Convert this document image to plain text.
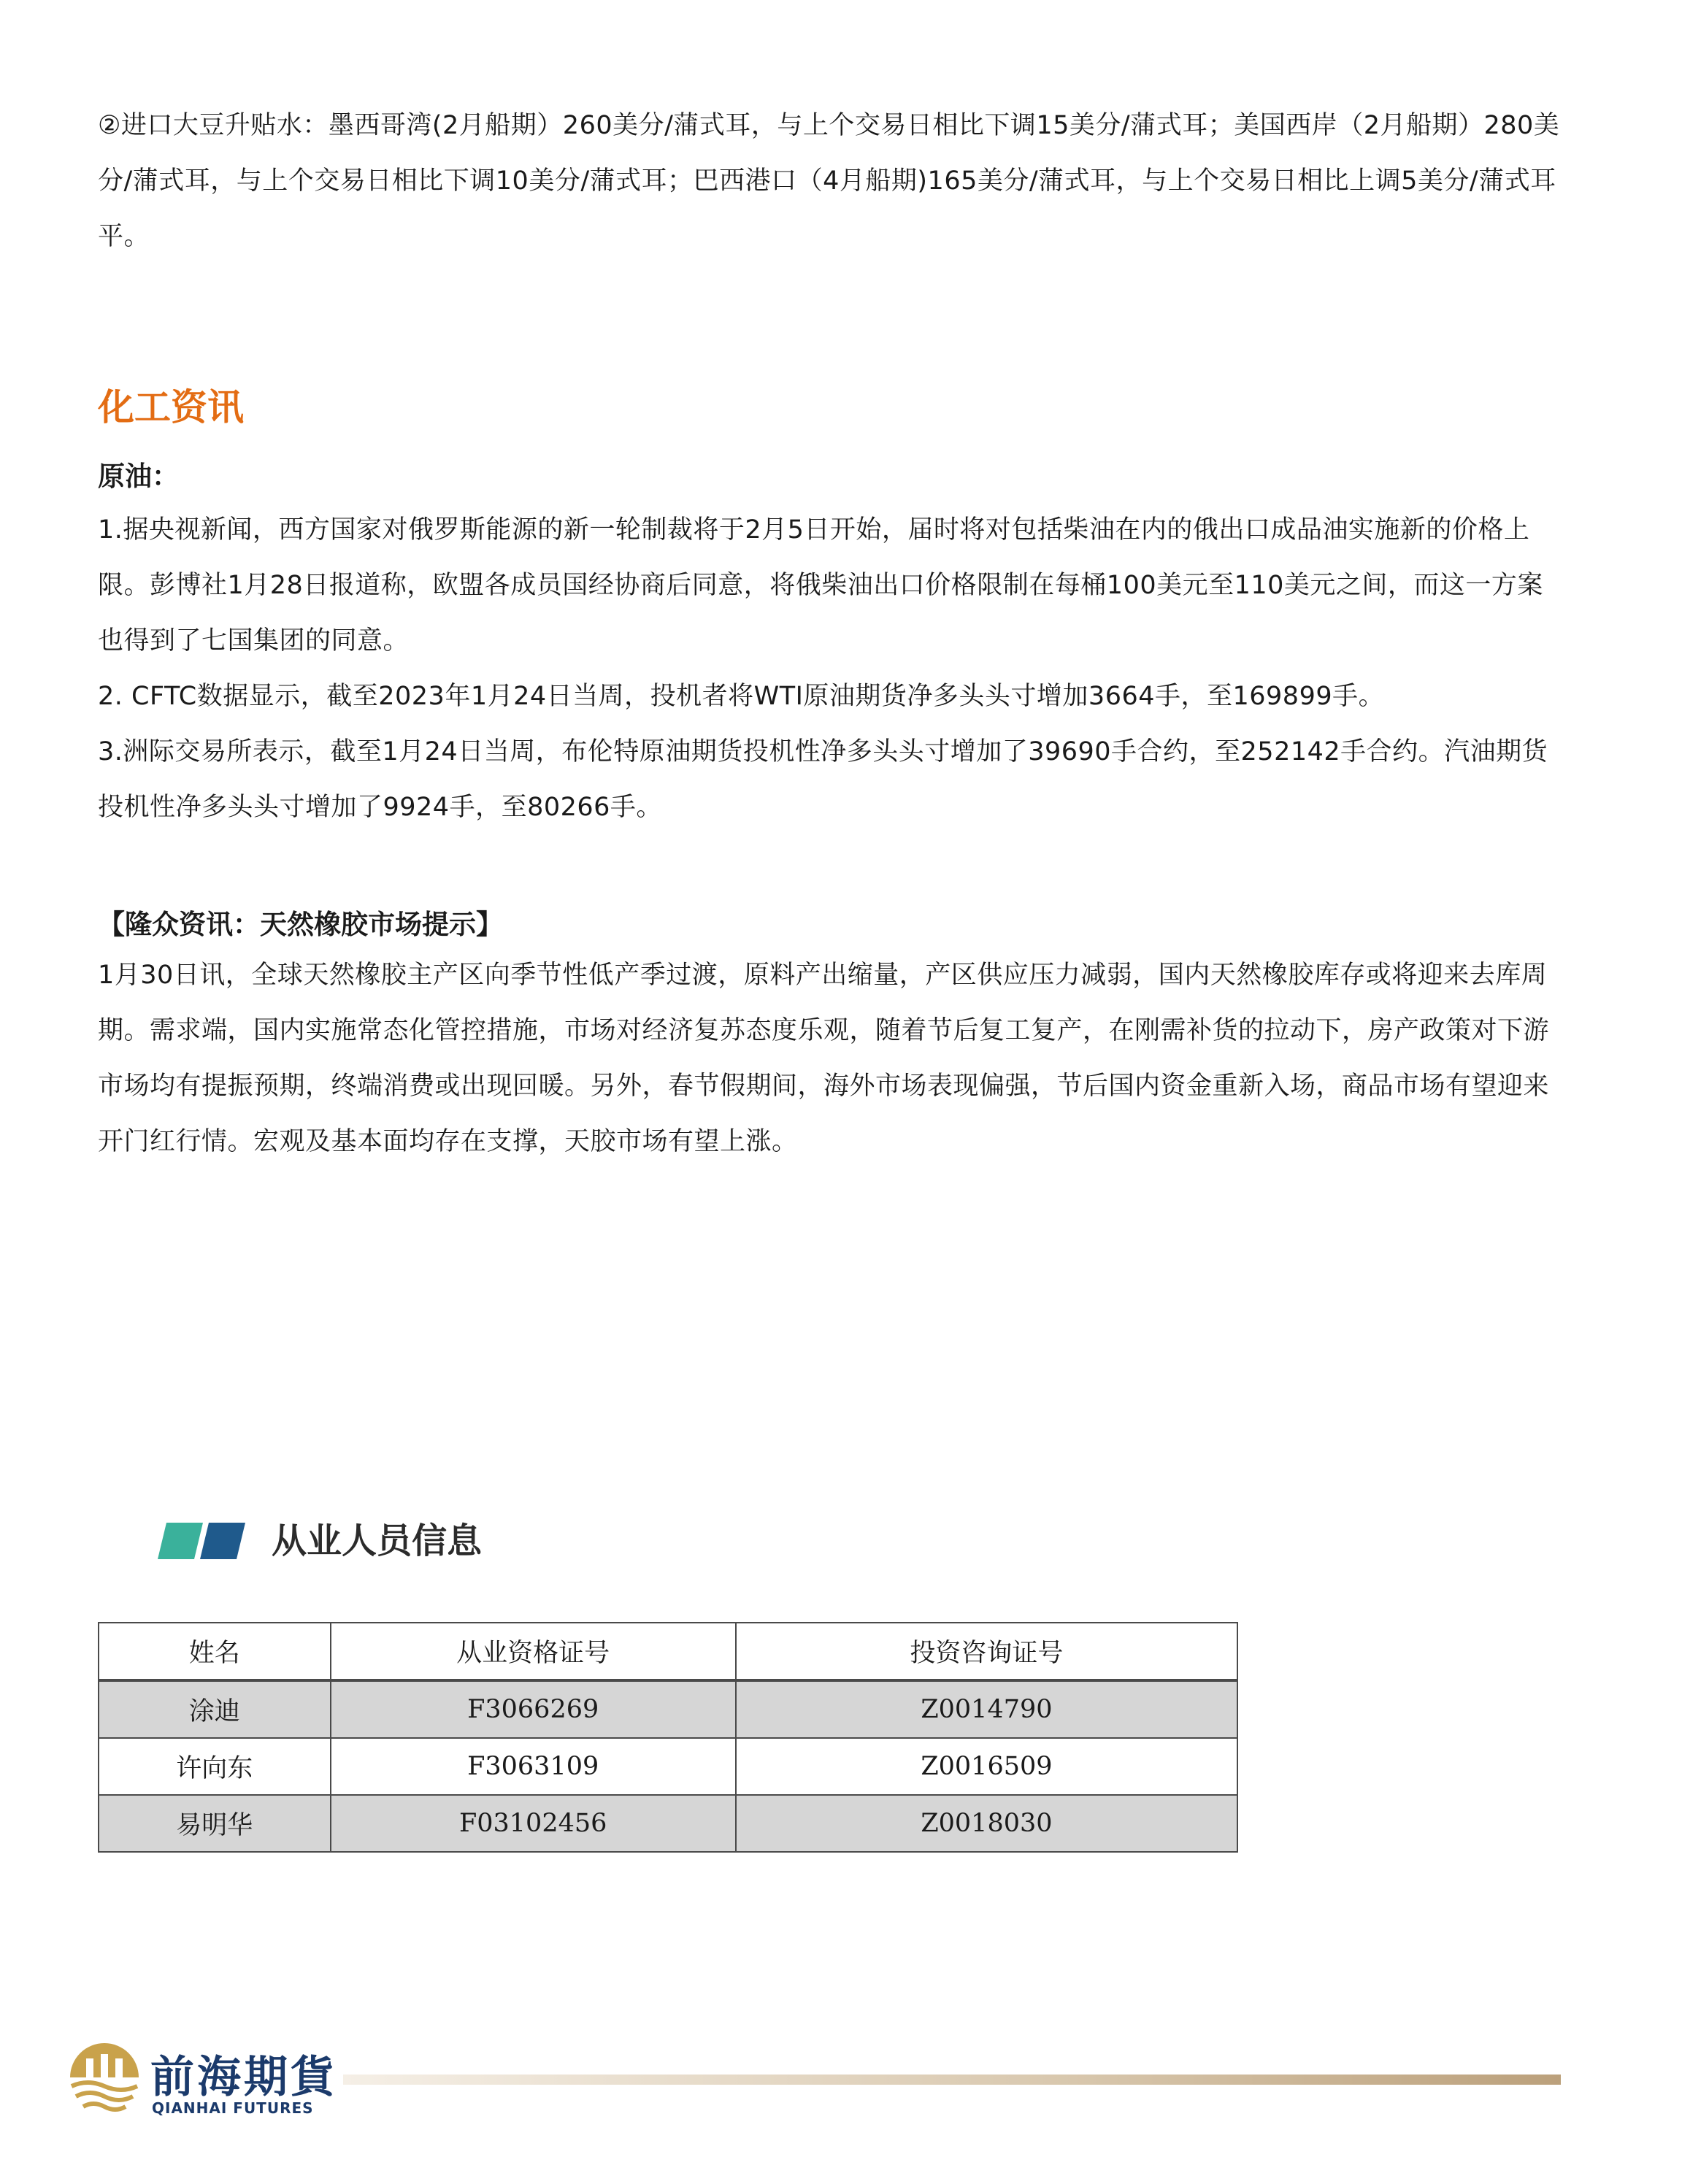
②进口大豆升贴水：墨西哥湾(2月船期）260美分/蒲式耳，与上个交易日相比下调15美分/蒲式耳；美国西岸（2月船期）280美分/蒲式耳，与上个交易日相比下调10美分/蒲式耳；巴西港口（4月船期)165美分/蒲式耳，与上个交易日相比上调5美分/蒲式耳平。

化工资讯
原油：

1.据央视新闻，西方国家对俄罗斯能源的新一轮制裁将于2月5日开始，届时将对包括柴油在内的俄出口成品油实施新的价格上限。彭博社1月28日报道称，欧盟各成员国经协商后同意，将俄柴油出口价格限制在每桶100美元至110美元之间，而这一方案也得到了七国集团的同意。

2. CFTC数据显示，截至2023年1月24日当周，投机者将WTI原油期货净多头头寸增加3664手，至169899手。

3.洲际交易所表示，截至1月24日当周，布伦特原油期货投机性净多头头寸增加了39690手合约，至252142手合约。汽油期货投机性净多头头寸增加了9924手，至80266手。

【隆众资讯：天然橡胶市场提示】

1月30日讯，全球天然橡胶主产区向季节性低产季过渡，原料产出缩量，产区供应压力减弱，国内天然橡胶库存或将迎来去库周期。需求端，国内实施常态化管控措施，市场对经济复苏态度乐观，随着节后复工复产，在刚需补货的拉动下，房产政策对下游市场均有提振预期，终端消费或出现回暖。另外，春节假期间，海外市场表现偏强，节后国内资金重新入场，商品市场有望迎来开门红行情。宏观及基本面均存在支撑，天胶市场有望上涨。

从业人员信息
姓名	从业资格证号	投资咨询证号
涂迪	F3066269	Z0014790
许向东	F3063109	Z0016509
易明华	F03102456	Z0018030
前海期貨
QIANHAI FUTURES
